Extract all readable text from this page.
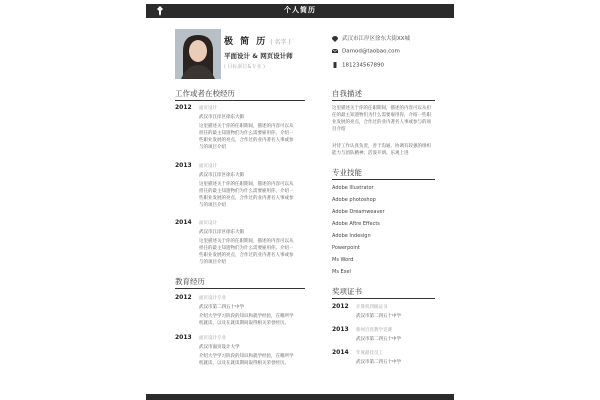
个人简历
极 简 历 ( 名字 )
平面设计 & 网页设计师
( 目标职位&专业 )
武汉市江岸区徐东大街XX城
Damod@taobao.com
181234567890
工作或者在校经历
2012 面页设计
武汉市江岸区徐东大街
这里描述关于你的任职期间，描述的内容可以从担任的最主知遗物们为什么需要雇用你，介绍一些职业发展的亮点，合作过的业内著名人事或参与的项目介绍
2013 面页设计
武汉市江岸区徐东大街
这里描述关于你的任职期间，描述的内容可以从担任的最主知遗物们为什么需要雇用你，介绍一些职业发展的亮点，合作过的业内著名人事或参与的项目介绍
2014 面页设计
武汉市江岸区徐东大街
这里描述关于你的任职期间，描述的内容可以从担任的最主知遗物们为什么需要雇用你，介绍一些职业发展的亮点，合作过的业内著名人事或参与的项目介绍
教育经历
2012 面页设计专业
武汉市第二四五十中学
介绍大学学习阶段的知识和就学经验，在哪所学校就读，以及在就读期间取得相关荣誉经历。
2013 面页设计专业
武汉市面页设计大学
介绍大学学习阶段的知识和就学经验，在哪所学校就读，以及在就读期间取得相关荣誉经历。
自我描述
这里描述关于你的任职期间，描述的内容可以从担任的最主知遗物们为什么需要雇用你，介绍一些职业发展的亮点，合作过的业内著名人事或参与的项目介绍
对待工作认真负责，善于沟通、协调有较强的组织能力与团队精神；活泼开朗、乐观上进
专业技能
Adobe Illustrator
Adobe photoshop
Adobe Dreamweaver
Adobe Aftre Effects
Adobe Indesign
Powerpoint
Ms Word
Ms Exel
奖项证书
2012 计算机四级证书
武汉市第二四五十中学
2013 新州百优教学竞赛
武汉市第二四五十中学
2014 年度最佳员工
武汉市第二四五十中学
